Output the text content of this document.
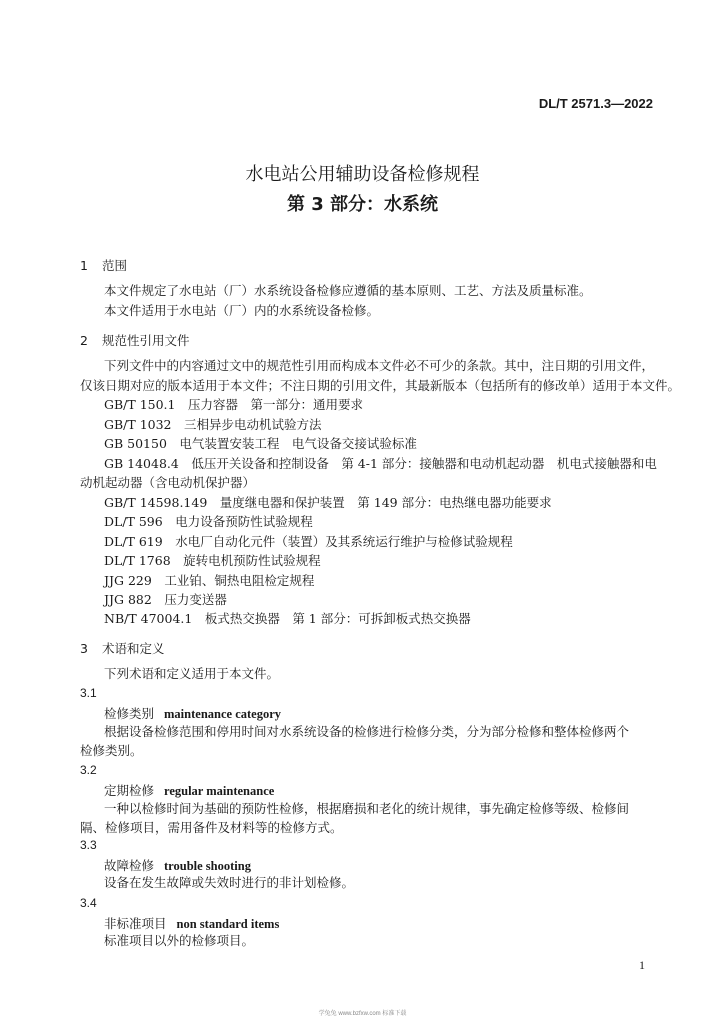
DL/T 2571.3—2022
水电站公用辅助设备检修规程
第 3 部分：水系统
1 范围
本文件规定了水电站（厂）水系统设备检修应遵循的基本原则、工艺、方法及质量标准。
本文件适用于水电站（厂）内的水系统设备检修。
2 规范性引用文件
下列文件中的内容通过文中的规范性引用而构成本文件必不可少的条款。其中，注日期的引用文件，
仅该日期对应的版本适用于本文件；不注日期的引用文件，其最新版本（包括所有的修改单）适用于本文件。
GB/T 150.1　压力容器　第一部分：通用要求
GB/T 1032　三相异步电动机试验方法
GB 50150　电气装置安装工程　电气设备交接试验标准
GB 14048.4　低压开关设备和控制设备　第 4-1 部分：接触器和电动机起动器　机电式接触器和电
动机起动器（含电动机保护器）
GB/T 14598.149　量度继电器和保护装置　第 149 部分：电热继电器功能要求
DL/T 596　电力设备预防性试验规程
DL/T 619　水电厂自动化元件（装置）及其系统运行维护与检修试验规程
DL/T 1768　旋转电机预防性试验规程
JJG 229　工业铂、铜热电阻检定规程
JJG 882　压力变送器
NB/T 47004.1　板式热交换器　第 1 部分：可拆卸板式热交换器
3 术语和定义
下列术语和定义适用于本文件。
3.1
检修类别 maintenance category
根据设备检修范围和停用时间对水系统设备的检修进行检修分类，分为部分检修和整体检修两个
检修类别。
3.2
定期检修 regular maintenance
一种以检修时间为基础的预防性检修，根据磨损和老化的统计规律，事先确定检修等级、检修间
隔、检修项目，需用备件及材料等的检修方式。
3.3
故障检修 trouble shooting
设备在发生故障或失效时进行的非计划检修。
3.4
非标准项目 non standard items
标准项目以外的检修项目。
1
学兔兔 www.bzfxw.com 标准下载
